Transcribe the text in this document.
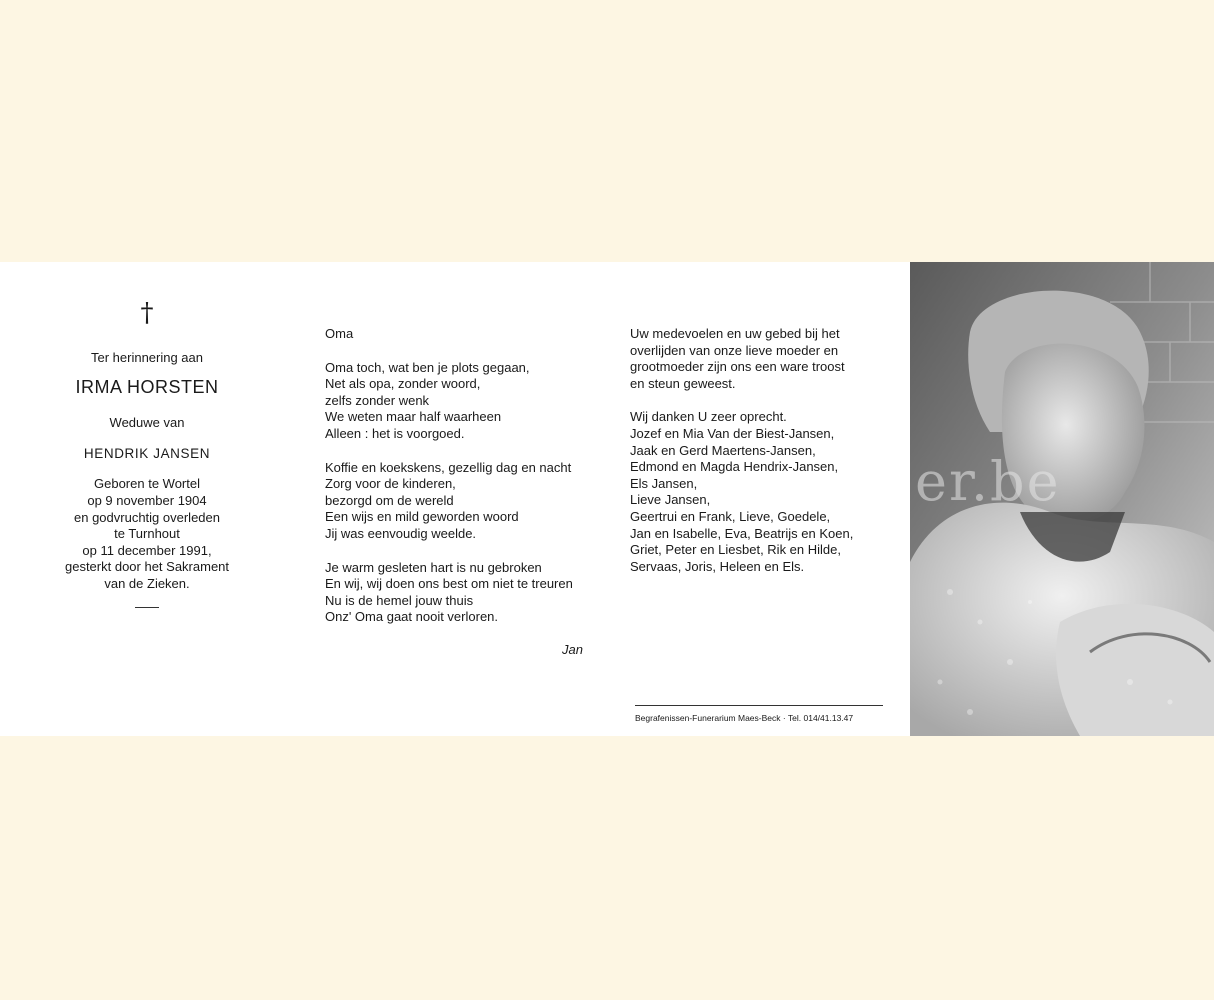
†
Ter herinnering aan
IRMA HORSTEN
Weduwe van
HENDRIK JANSEN
Geboren te Wortel
op 9 november 1904
en godvruchtig overleden
te Turnhout
op 11 december 1991,
gesterkt door het Sakrament
van de Zieken.
Oma
Oma toch, wat ben je plots gegaan,
Net als opa, zonder woord,
zelfs zonder wenk
We weten maar half waarheen
Alleen : het is voorgoed.
Koffie en koekskens, gezellig dag en nacht
Zorg voor de kinderen,
bezorgd om de wereld
Een wijs en mild geworden woord
Jij was eenvoudig weelde.
Je warm gesleten hart is nu gebroken
En wij, wij doen ons best om niet te treuren
Nu is de hemel jouw thuis
Onz' Oma gaat nooit verloren.
Jan
Uw medevoelen en uw gebed bij het
overlijden van onze lieve moeder en
grootmoeder zijn ons een ware troost
en steun geweest.
Wij danken U zeer oprecht.
Jozef en Mia Van der Biest-Jansen,
Jaak en Gerd Maertens-Jansen,
Edmond en Magda Hendrix-Jansen,
Els Jansen,
Lieve Jansen,
Geertrui en Frank, Lieve, Goedele,
Jan en Isabelle, Eva, Beatrijs en Koen,
Griet, Peter en Liesbet, Rik en Hilde,
Servaas, Joris, Heleen en Els.
Begrafenissen-Funerarium Maes-Beck · Tel. 014/41.13.47
er.be
